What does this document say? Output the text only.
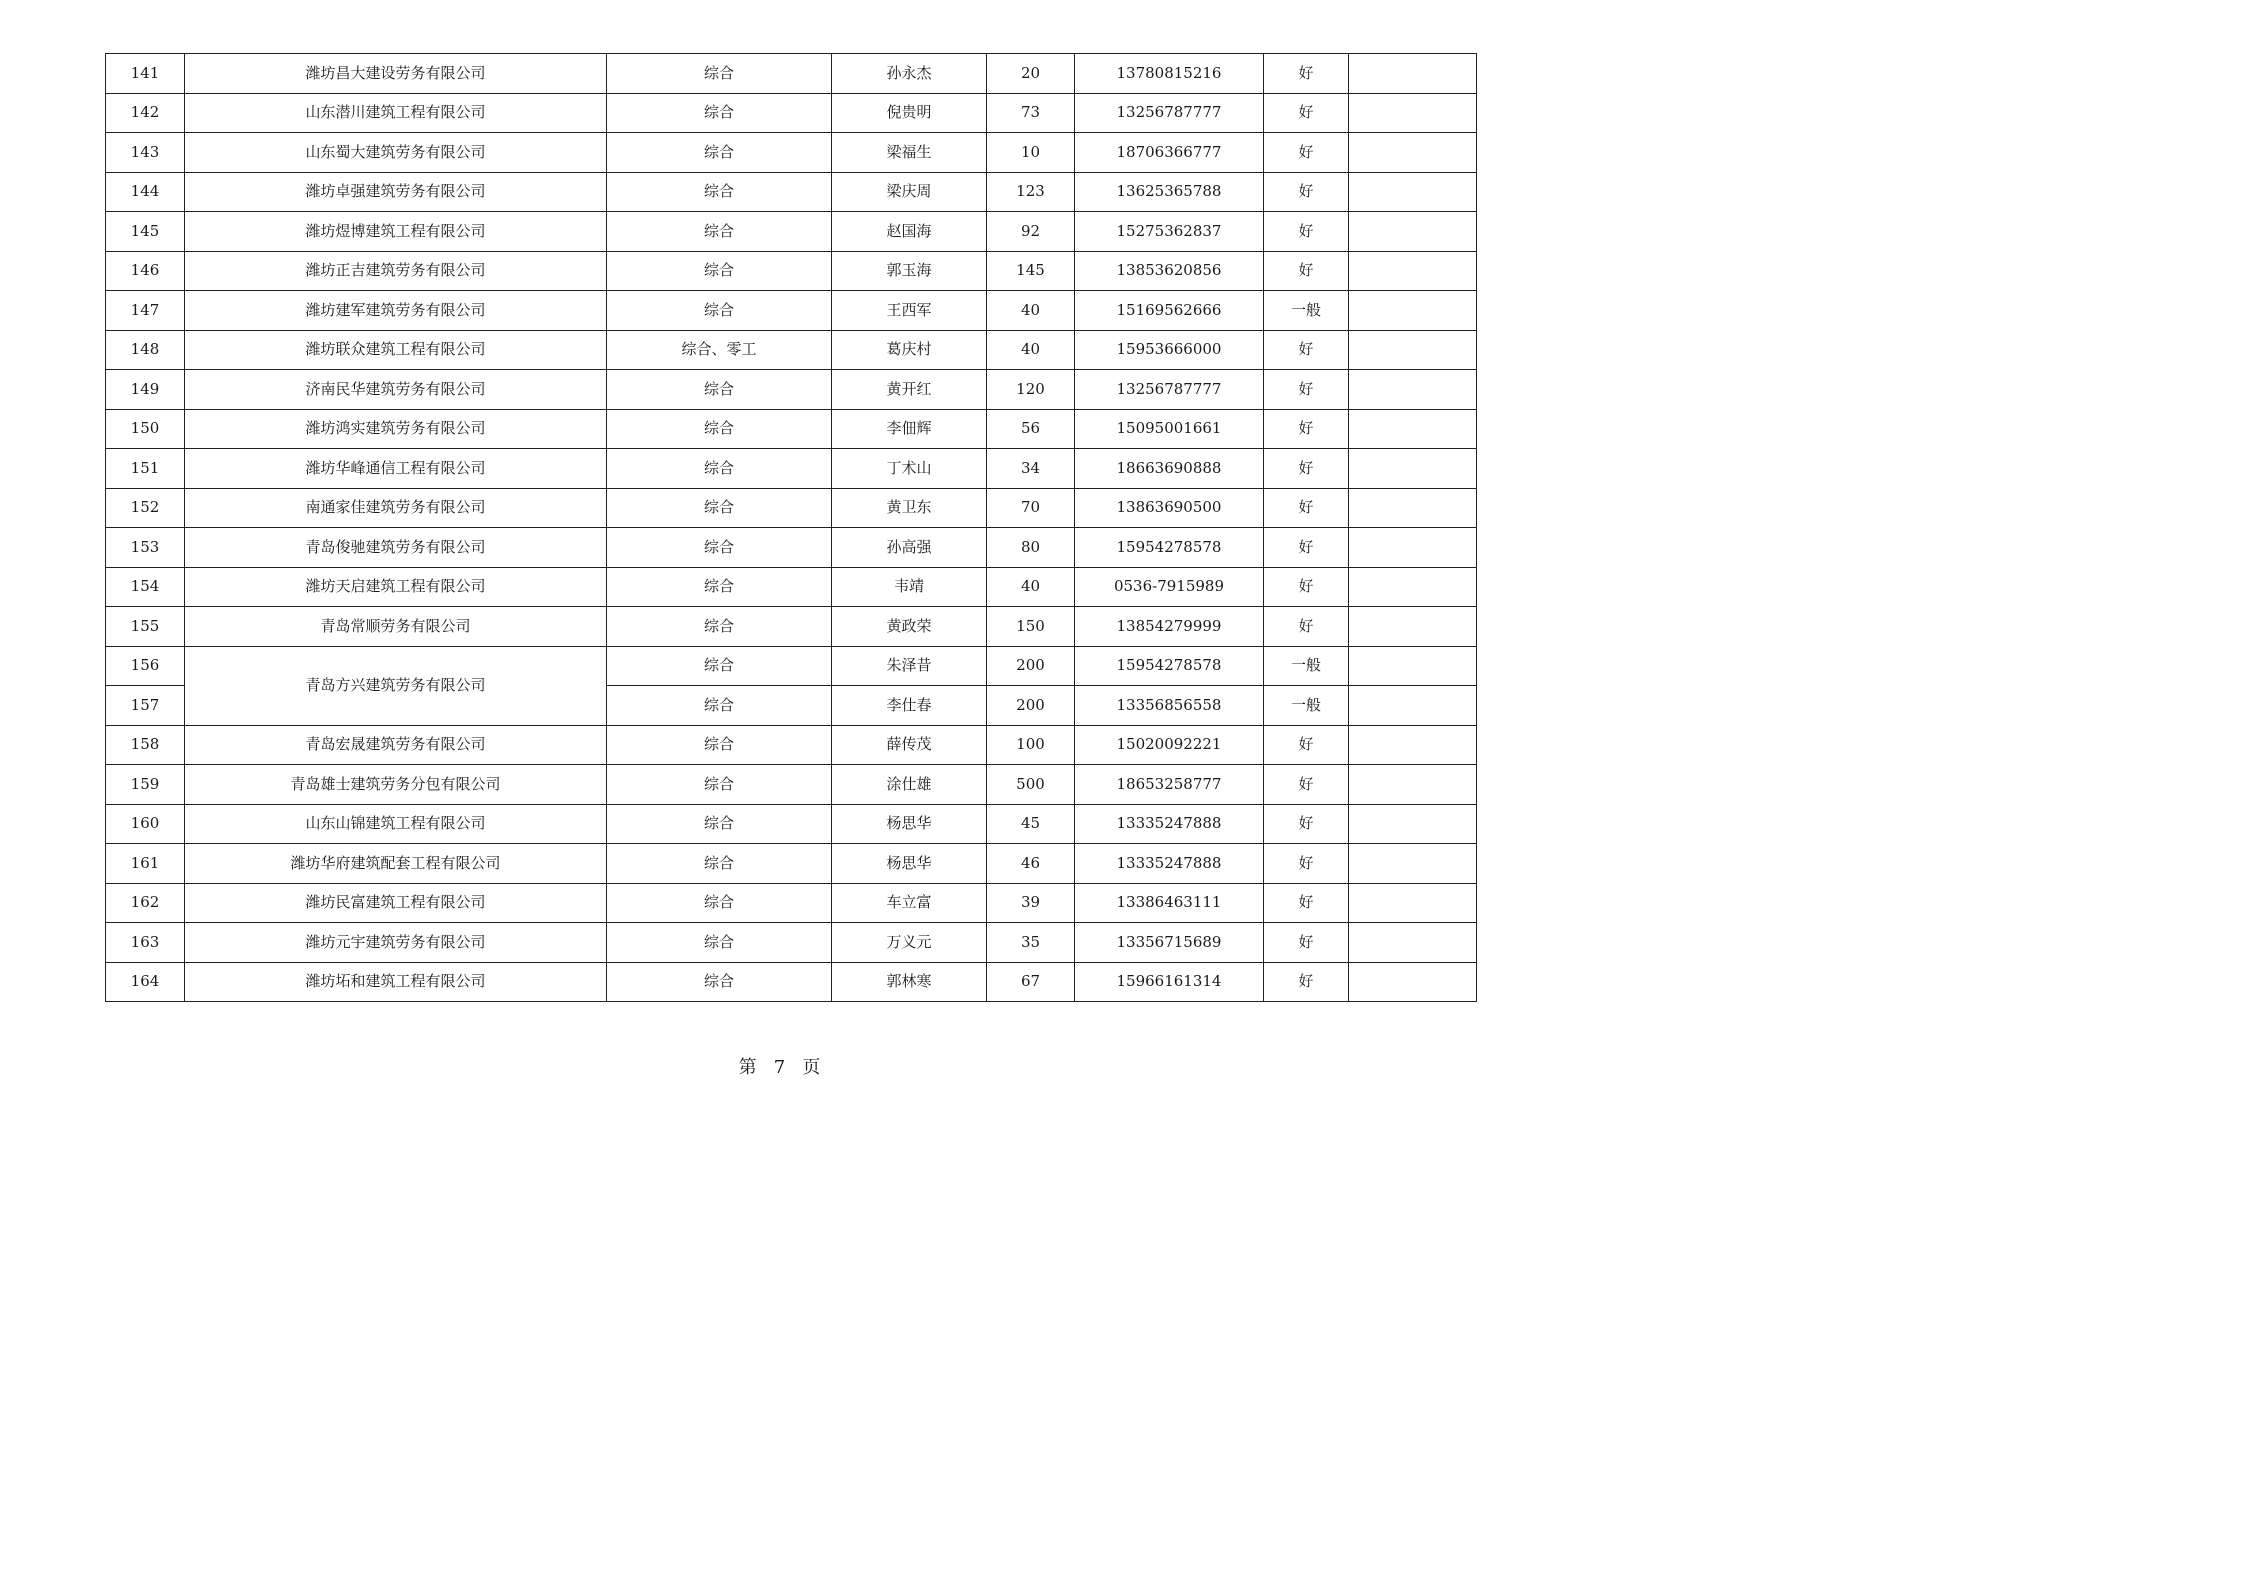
141	潍坊昌大建设劳务有限公司	综合	孙永杰	20	13780815216	好	
142	山东潜川建筑工程有限公司	综合	倪贵明	73	13256787777	好	
143	山东蜀大建筑劳务有限公司	综合	梁福生	10	18706366777	好	
144	潍坊卓强建筑劳务有限公司	综合	梁庆周	123	13625365788	好	
145	潍坊煜博建筑工程有限公司	综合	赵国海	92	15275362837	好	
146	潍坊正吉建筑劳务有限公司	综合	郭玉海	145	13853620856	好	
147	潍坊建军建筑劳务有限公司	综合	王西军	40	15169562666	一般	
148	潍坊联众建筑工程有限公司	综合、零工	葛庆村	40	15953666000	好	
149	济南民华建筑劳务有限公司	综合	黄开红	120	13256787777	好	
150	潍坊鸿实建筑劳务有限公司	综合	李佃辉	56	15095001661	好	
151	潍坊华峰通信工程有限公司	综合	丁术山	34	18663690888	好	
152	南通家佳建筑劳务有限公司	综合	黄卫东	70	13863690500	好	
153	青岛俊驰建筑劳务有限公司	综合	孙高强	80	15954278578	好	
154	潍坊天启建筑工程有限公司	综合	韦靖	40	0536-7915989	好	
155	青岛常顺劳务有限公司	综合	黄政荣	150	13854279999	好	
156	青岛方兴建筑劳务有限公司	综合	朱泽昔	200	15954278578	一般	
157		综合	李仕春	200	13356856558	一般	
158	青岛宏晟建筑劳务有限公司	综合	薛传茂	100	15020092221	好	
159	青岛雄士建筑劳务分包有限公司	综合	涂仕雄	500	18653258777	好	
160	山东山锦建筑工程有限公司	综合	杨思华	45	13335247888	好	
161	潍坊华府建筑配套工程有限公司	综合	杨思华	46	13335247888	好	
162	潍坊民富建筑工程有限公司	综合	车立富	39	13386463111	好	
163	潍坊元宇建筑劳务有限公司	综合	万义元	35	13356715689	好	
164	潍坊坧和建筑工程有限公司	综合	郭林寒	67	15966161314	好	
第 7 页
